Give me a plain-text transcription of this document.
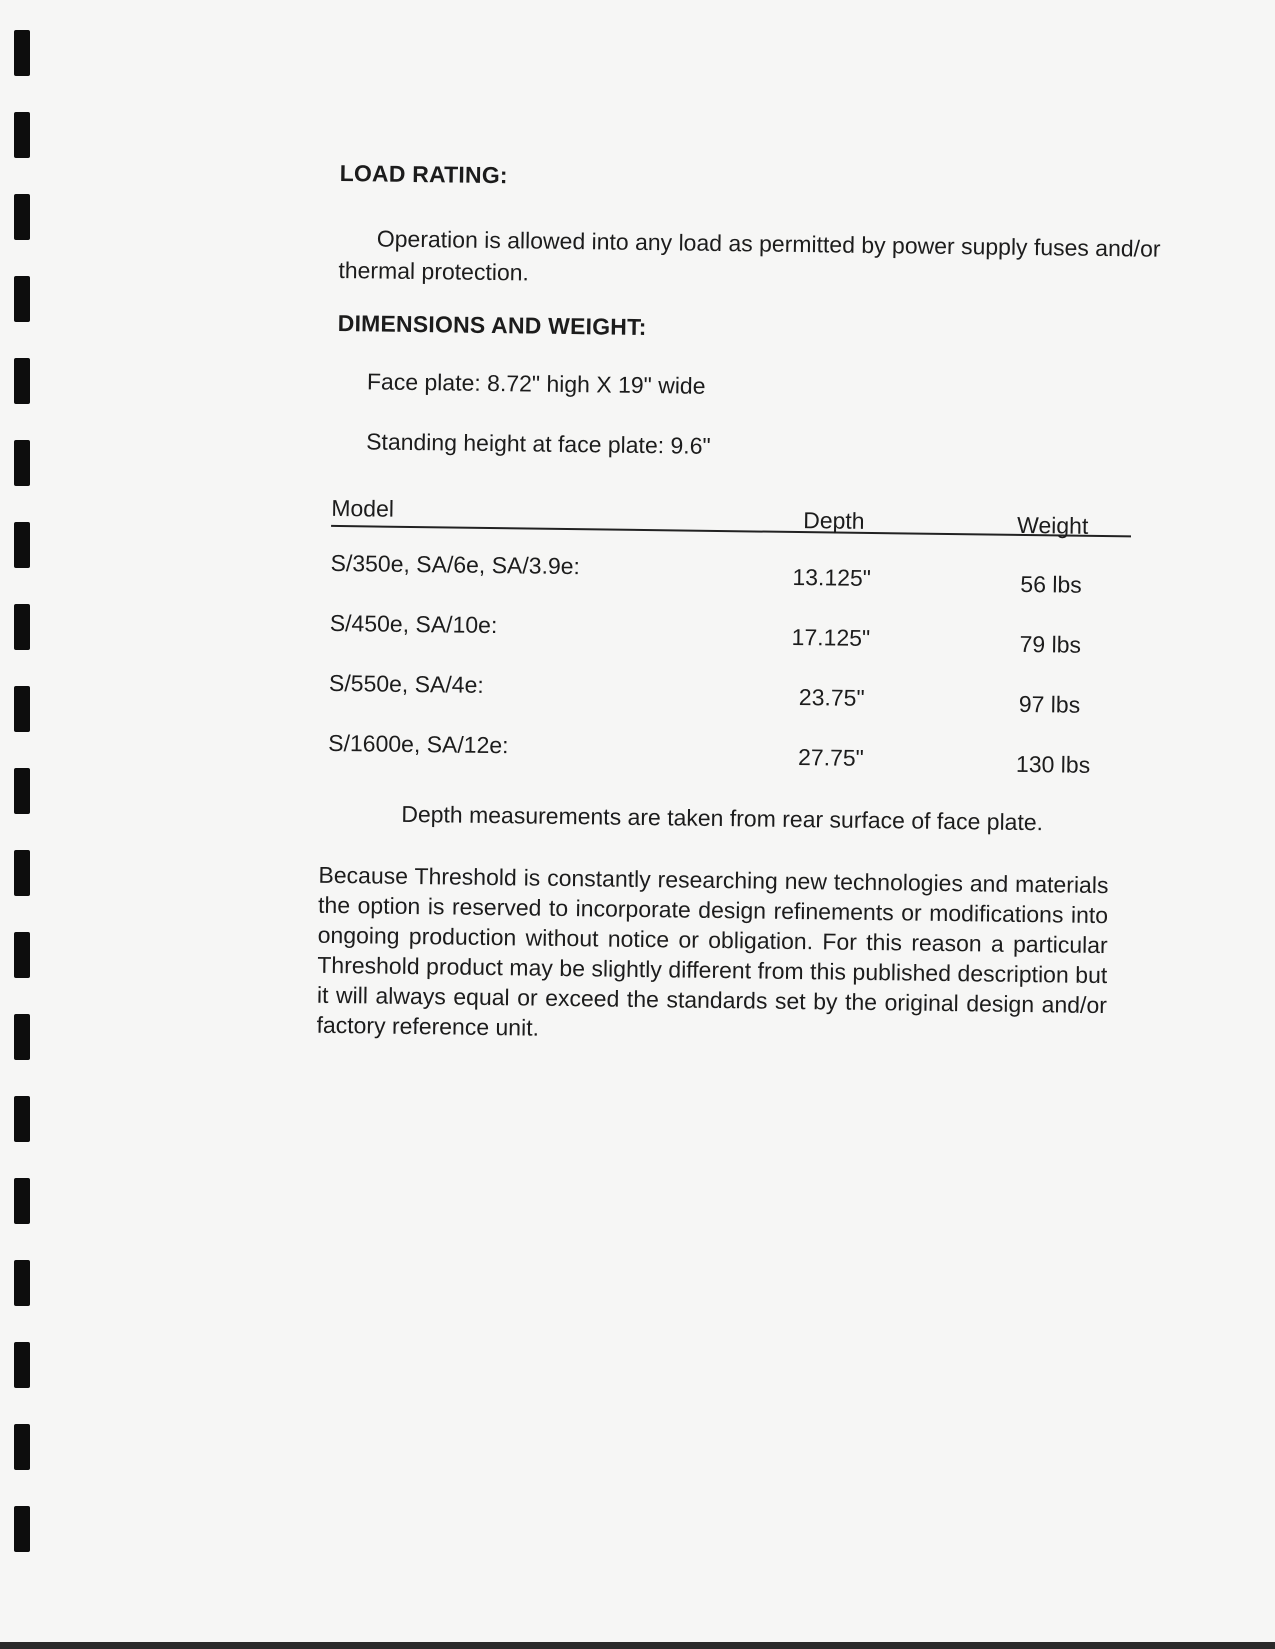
LOAD RATING:

Operation is allowed into any load as permitted by power supply fuses and/or thermal protection.

DIMENSIONS AND WEIGHT:
Face plate: 8.72" high X 19" wide
Standing height at face plate: 9.6"
Model	Depth	Weight
S/350e, SA/6e, SA/3.9e:	13.125"	56 lbs
S/450e, SA/10e:	17.125"	79 lbs
S/550e, SA/4e:	23.75"	97 lbs
S/1600e, SA/12e:	27.75"	130 lbs
Depth measurements are taken from rear surface of face plate.

Because Threshold is constantly researching new technologies and materials the option is reserved to incorporate design refinements or modifications into ongoing production without notice or obligation. For this reason a particular Threshold product may be slightly different from this published description but it will always equal or exceed the standards set by the original design and/or factory reference unit.
